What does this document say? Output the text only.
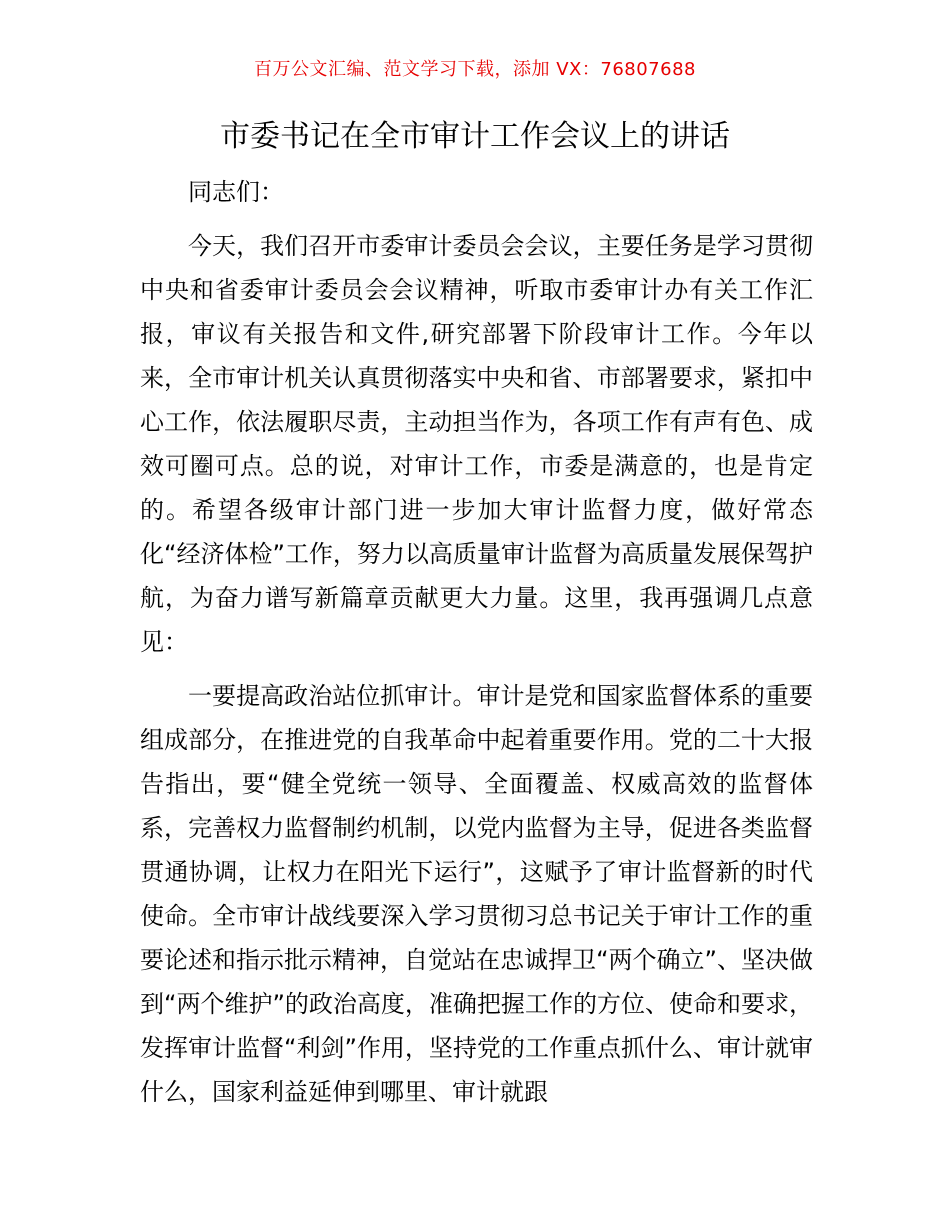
百万公文汇编、范文学习下载，添加 VX：76807688
市委书记在全市审计工作会议上的讲话

同志们：

今天，我们召开市委审计委员会会议，主要任务是学习贯彻中央和省委审计委员会会议精神，听取市委审计办有关工作汇报，审议有关报告和文件,研究部署下阶段审计工作。今年以来，全市审计机关认真贯彻落实中央和省、市部署要求，紧扣中心工作，依法履职尽责，主动担当作为，各项工作有声有色、成效可圈可点。总的说，对审计工作，市委是满意的，也是肯定的。希望各级审计部门进一步加大审计监督力度，做好常态化“经济体检”工作，努力以高质量审计监督为高质量发展保驾护航，为奋力谱写新篇章贡献更大力量。这里，我再强调几点意见：

一要提高政治站位抓审计。审计是党和国家监督体系的重要组成部分，在推进党的自我革命中起着重要作用。党的二十大报告指出，要“健全党统一领导、全面覆盖、权威高效的监督体系，完善权力监督制约机制，以党内监督为主导，促进各类监督贯通协调，让权力在阳光下运行”，这赋予了审计监督新的时代使命。全市审计战线要深入学习贯彻习总书记关于审计工作的重要论述和指示批示精神，自觉站在忠诚捍卫“两个确立”、坚决做到“两个维护”的政治高度，准确把握工作的方位、使命和要求，发挥审计监督“利剑”作用，坚持党的工作重点抓什么、审计就审什么，国家利益延伸到哪里、审计就跟
